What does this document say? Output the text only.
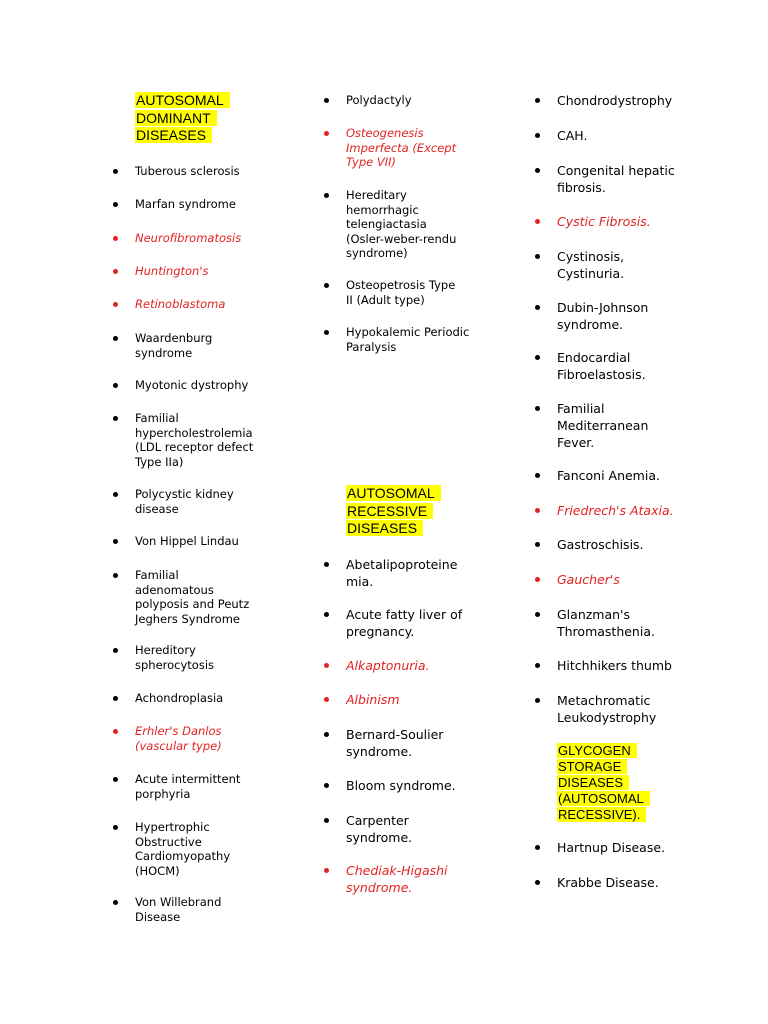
AUTOSOMAL DOMINANT DISEASES
Tuberous sclerosis
Marfan syndrome
Neurofibromatosis
Huntington's
Retinoblastoma
Waardenburg syndrome
Myotonic dystrophy
Familial hypercholestrolemia (LDL receptor defect Type IIa)
Polycystic kidney disease
Von Hippel Lindau
Familial adenomatous polyposis and Peutz Jeghers Syndrome
Hereditory spherocytosis
Achondroplasia
Erhler's Danlos (vascular type)
Acute intermittent porphyria
Hypertrophic Obstructive Cardiomyopathy (HOCM)
Von Willebrand Disease
Polydactyly
Osteogenesis Imperfecta (Except Type VII)
Hereditary hemorrhagic telengiactasia (Osler-weber-rendu syndrome)
Osteopetrosis Type II (Adult type)
Hypokalemic Periodic Paralysis
AUTOSOMAL RECESSIVE DISEASES
Abetalipoproteine mia.
Acute fatty liver of pregnancy.
Alkaptonuria.
Albinism
Bernard-Soulier syndrome.
Bloom syndrome.
Carpenter syndrome.
Chediak-Higashi syndrome.
Chondrodystrophy
CAH.
Congenital hepatic fibrosis.
Cystic Fibrosis.
Cystinosis, Cystinuria.
Dubin-Johnson syndrome.
Endocardial Fibroelastosis.
Familial Mediterranean Fever.
Fanconi Anemia.
Friedrech's Ataxia.
Gastroschisis.
Gaucher's
Glanzman's Thromasthenia.
Hitchhikers thumb
Metachromatic Leukodystrophy
GLYCOGEN STORAGE DISEASES (AUTOSOMAL RECESSIVE).
Hartnup Disease.
Krabbe Disease.
